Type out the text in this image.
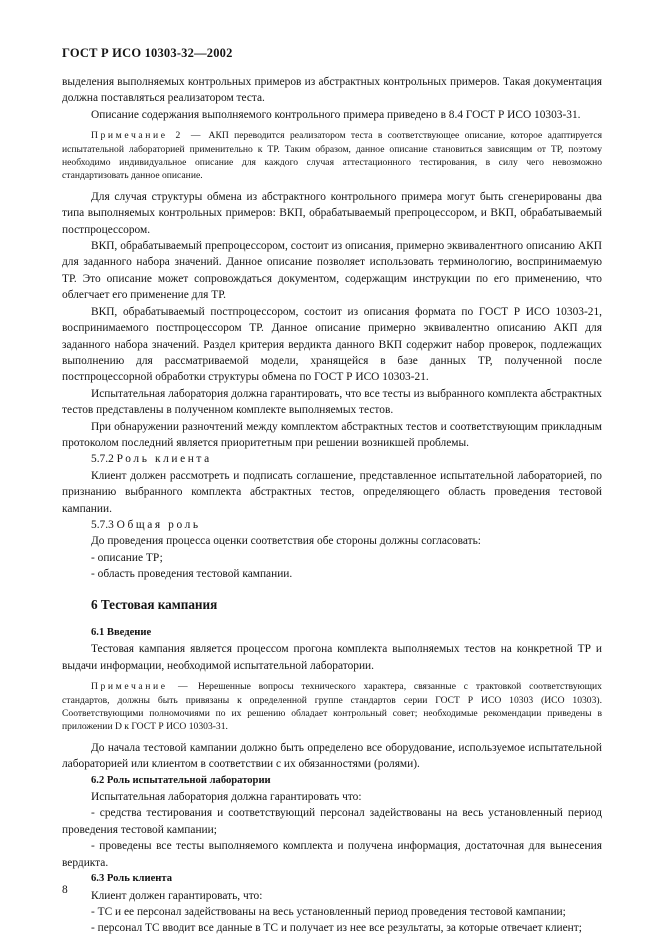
ГОСТ Р ИСО 10303-32—2002

выделения выполняемых контрольных примеров из абстрактных контрольных примеров. Такая документация должна поставляться реализатором теста.

Описание содержания выполняемого контрольного примера приведено в 8.4 ГОСТ Р ИСО 10303-31.

Примечание 2 — АКП переводится реализатором теста в соответствующее описание, которое адаптируется испытательной лабораторией применительно к ТР. Таким образом, данное описание становиться зависящим от ТР, поэтому необходимо индивидуальное описание для каждого случая аттестационного тестирования, в силу чего невозможно стандартизовать данное описание.

Для случая структуры обмена из абстрактного контрольного примера могут быть сгенерированы два типа выполняемых контрольных примеров: ВКП, обрабатываемый препроцессором, и ВКП, обрабатываемый постпроцессором.

ВКП, обрабатываемый препроцессором, состоит из описания, примерно эквивалентного описанию АКП для заданного набора значений. Данное описание позволяет использовать терминологию, воспринимаемую ТР. Это описание может сопровождаться документом, содержащим инструкции по его применению, что облегчает его применение для ТР.

ВКП, обрабатываемый постпроцессором, состоит из описания формата по ГОСТ Р ИСО 10303-21, воспринимаемого постпроцессором ТР. Данное описание примерно эквивалентно описанию АКП для заданного набора значений. Раздел критерия вердикта данного ВКП содержит набор проверок, подлежащих выполнению для рассматриваемой модели, хранящейся в базе данных ТР, полученной после постпроцессорной обработки структуры обмена по ГОСТ Р ИСО 10303-21.

Испытательная лаборатория должна гарантировать, что все тесты из выбранного комплекта абстрактных тестов представлены в полученном комплекте выполняемых тестов.

При обнаружении разночтений между комплектом абстрактных тестов и соответствующим прикладным протоколом последний является приоритетным при решении возникшей проблемы.

5.7.2 Роль клиента

Клиент должен рассмотреть и подписать соглашение, представленное испытательной лабораторией, по признанию выбранного комплекта абстрактных тестов, определяющего область проведения тестовой кампании.

5.7.3 Общая роль

До проведения процесса оценки соответствия обе стороны должны согласовать:

- описание ТР;

- область проведения тестовой кампании.

6 Тестовая кампания

6.1 Введение

Тестовая кампания является процессом прогона комплекта выполняемых тестов на конкретной ТР и выдачи информации, необходимой испытательной лаборатории.

Примечание — Нерешенные вопросы технического характера, связанные с трактовкой соответствующих стандартов, должны быть привязаны к определенной группе стандартов серии ГОСТ Р ИСО 10303 (ИСО 10303). Соответствующими полномочиями по их решению обладает контрольный совет; необходимые рекомендации приведены в приложении D к ГОСТ Р ИСО 10303-31.

До начала тестовой кампании должно быть определено все оборудование, используемое испытательной лабораторией или клиентом в соответствии с их обязанностями (ролями).

6.2 Роль испытательной лаборатории

Испытательная лаборатория должна гарантировать что:

- средства тестирования и соответствующий персонал задействованы на весь установленный период проведения тестовой кампании;

- проведены все тесты выполняемого комплекта и получена информация, достаточная для вынесения вердикта.

6.3 Роль клиента

Клиент должен гарантировать, что:

- ТС и ее персонал задействованы на весь установленный период проведения тестовой кампании;

- персонал ТС вводит все данные в ТС и получает из нее все результаты, за которые отвечает клиент;

8
